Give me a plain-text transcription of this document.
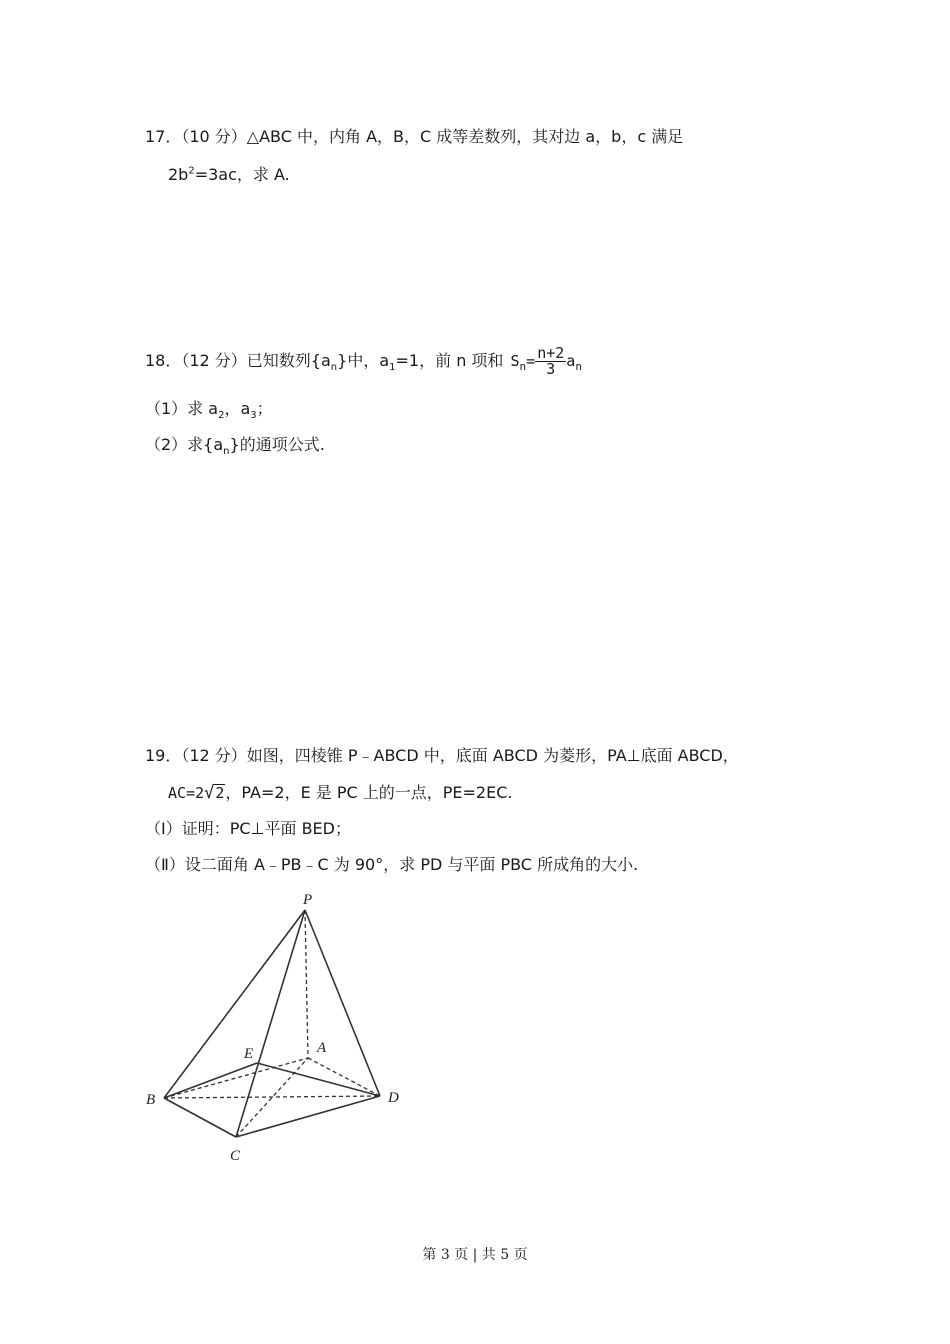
17．（10 分）△ABC 中，内角 A，B，C 成等差数列，其对边 a，b，c 满足
$2b^2=3ac$，求 A.
18．（12 分）已知数列$\{a_n\}$中，$a_1=1$，前 n 项和 $S_n= \frac{n+2}{3} a_n$
（1）求 $a_2$，$a_3$；
（2）求$\{a_n\}$的通项公式.
19．（12 分）如图，四棱锥 P﹣ABCD 中，底面 ABCD 为菱形，PA⊥底面 ABCD，
AC=2√2，PA=2，E 是 PC 上的一点，PE=2EC.
（Ⅰ）证明：PC⊥平面 BED；
（Ⅱ）设二面角 A﹣PB﹣C 为 90°，求 PD 与平面 PBC 所成角的大小.
P
E	A
B	D
C
第 3 页 | 共 5 页
